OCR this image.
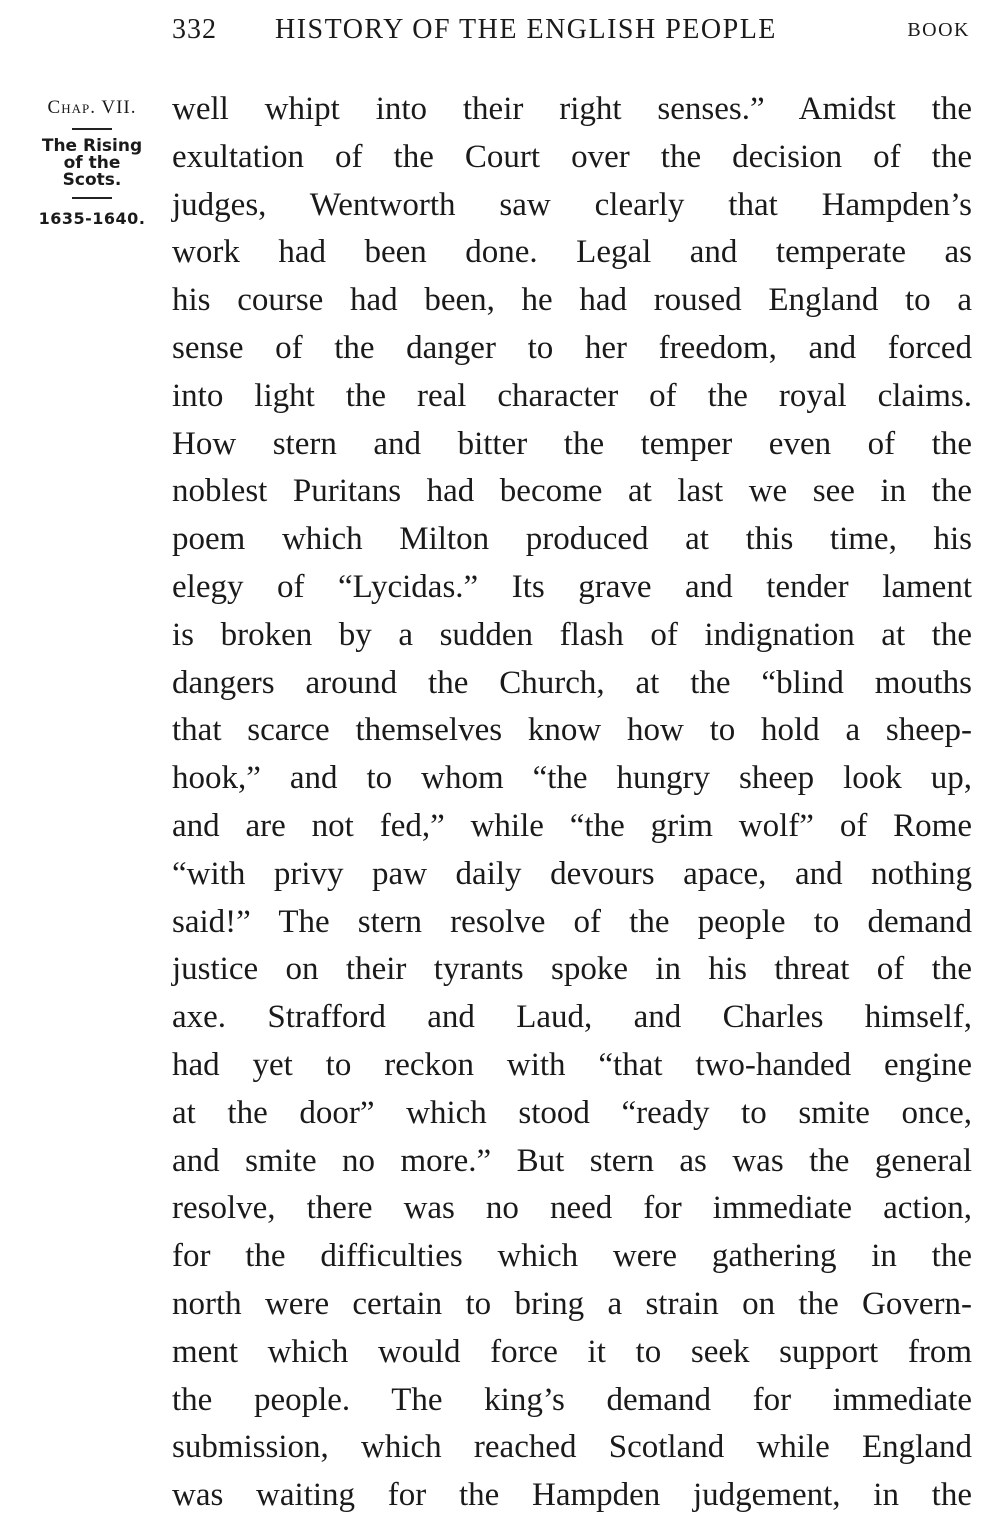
332 HISTORY OF THE ENGLISH PEOPLE	BOOK
Chap. VII.
The Rising
of the
Scots.
1635-1640.
well whipt into their right senses.” Amidst the
exultation of the Court over the decision of the
judges, Wentworth saw clearly that Hampden’s
work had been done. Legal and temperate as
his course had been, he had roused England to a
sense of the danger to her freedom, and forced
into light the real character of the royal claims.
How stern and bitter the temper even of the
noblest Puritans had become at last we see in the
poem which Milton produced at this time, his
elegy of “Lycidas.” Its grave and tender lament
is broken by a sudden flash of indignation at the
dangers around the Church, at the “blind mouths
that scarce themselves know how to hold a sheep-
hook,” and to whom “the hungry sheep look up,
and are not fed,” while “the grim wolf” of Rome
“with privy paw daily devours apace, and nothing
said!” The stern resolve of the people to demand
justice on their tyrants spoke in his threat of the
axe. Strafford and Laud, and Charles himself,
had yet to reckon with “that two-handed engine
at the door” which stood “ready to smite once,
and smite no more.” But stern as was the general
resolve, there was no need for immediate action,
for the difficulties which were gathering in the
north were certain to bring a strain on the Govern-
ment which would force it to seek support from
the people. The king’s demand for immediate
submission, which reached Scotland while England
was waiting for the Hampden judgement, in the
